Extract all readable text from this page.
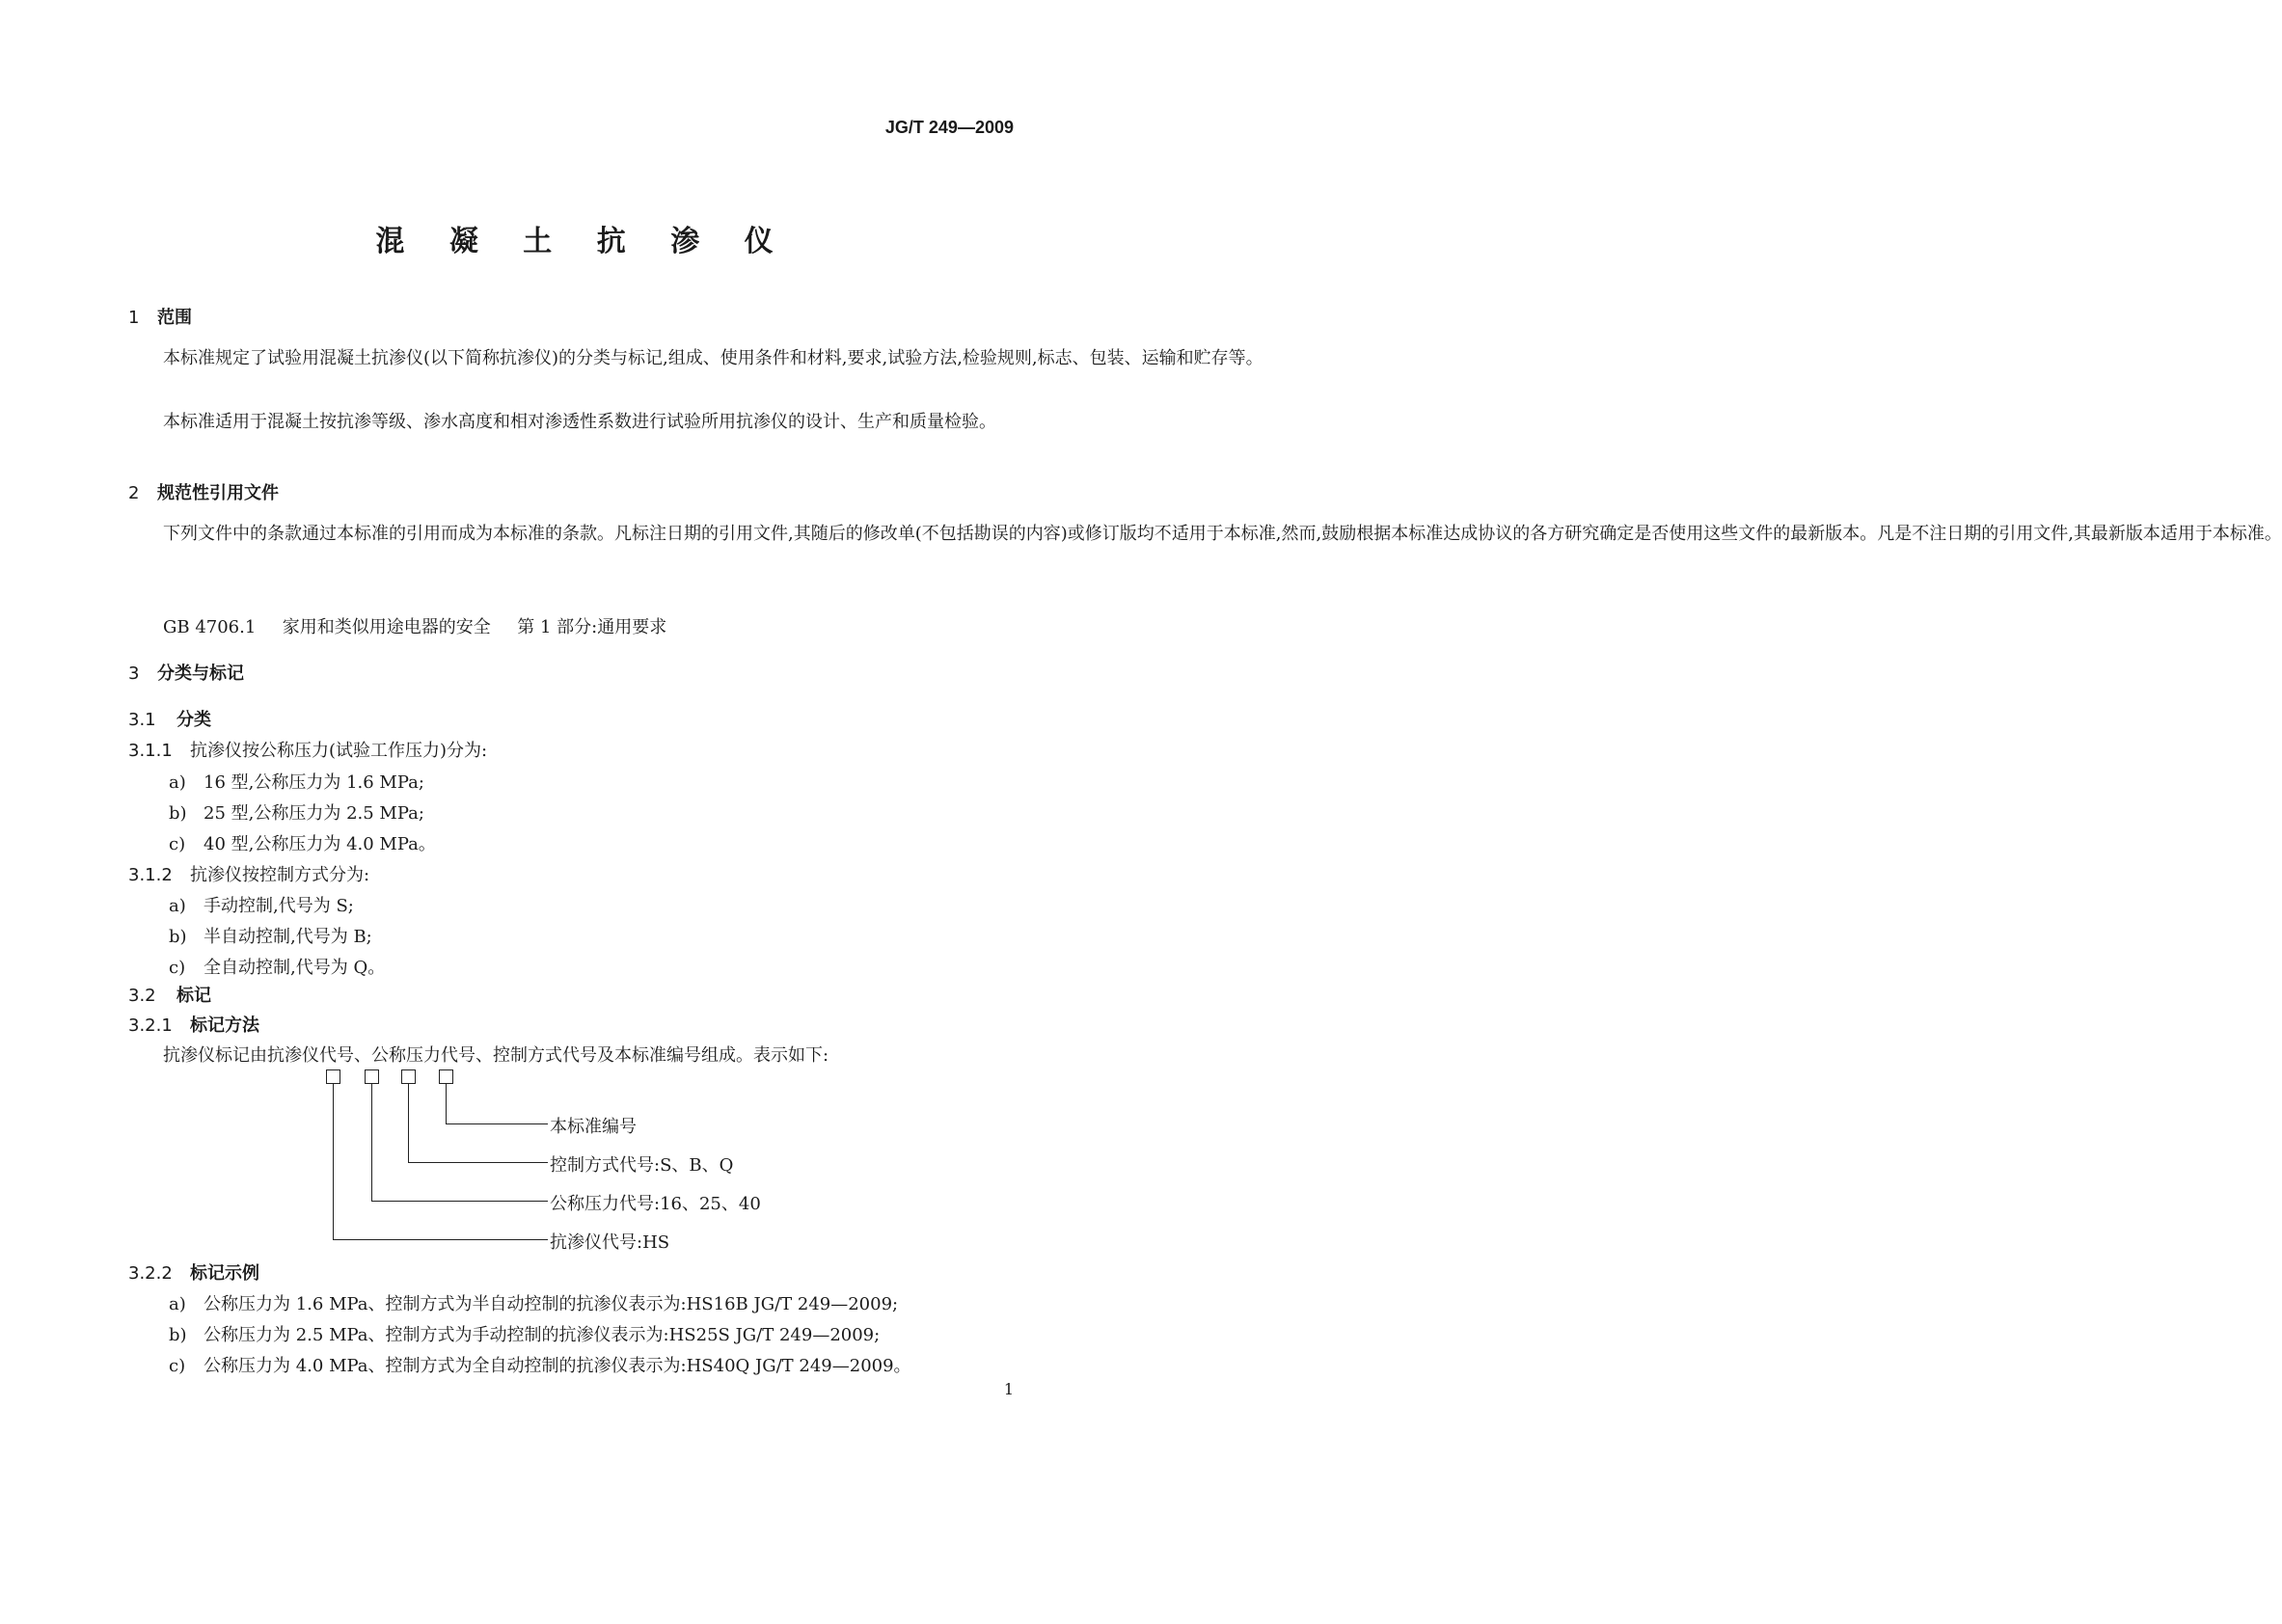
JG/T 249—2009
混 凝 土 抗 渗 仪
1 范围
本标准规定了试验用混凝土抗渗仪(以下简称抗渗仪)的分类与标记,组成、使用条件和材料,要求,试验方法,检验规则,标志、包装、运输和贮存等。
本标准适用于混凝土按抗渗等级、渗水高度和相对渗透性系数进行试验所用抗渗仪的设计、生产和质量检验。
2 规范性引用文件
下列文件中的条款通过本标准的引用而成为本标准的条款。凡标注日期的引用文件,其随后的修改单(不包括勘误的内容)或修订版均不适用于本标准,然而,鼓励根据本标准达成协议的各方研究确定是否使用这些文件的最新版本。凡是不注日期的引用文件,其最新版本适用于本标准。
GB 4706.1 家用和类似用途电器的安全 第 1 部分:通用要求
3 分类与标记
3.1 分类
3.1.1 抗渗仪按公称压力(试验工作压力)分为:
a) 16 型,公称压力为 1.6 MPa;
b) 25 型,公称压力为 2.5 MPa;
c) 40 型,公称压力为 4.0 MPa。
3.1.2 抗渗仪按控制方式分为:
a) 手动控制,代号为 S;
b) 半自动控制,代号为 B;
c) 全自动控制,代号为 Q。
3.2 标记
3.2.1 标记方法
抗渗仪标记由抗渗仪代号、公称压力代号、控制方式代号及本标准编号组成。表示如下:
本标准编号
控制方式代号:S、B、Q
公称压力代号:16、25、40
抗渗仪代号:HS
3.2.2 标记示例
a) 公称压力为 1.6 MPa、控制方式为半自动控制的抗渗仪表示为:HS16B JG/T 249—2009;
b) 公称压力为 2.5 MPa、控制方式为手动控制的抗渗仪表示为:HS25S JG/T 249—2009;
c) 公称压力为 4.0 MPa、控制方式为全自动控制的抗渗仪表示为:HS40Q JG/T 249—2009。
1
